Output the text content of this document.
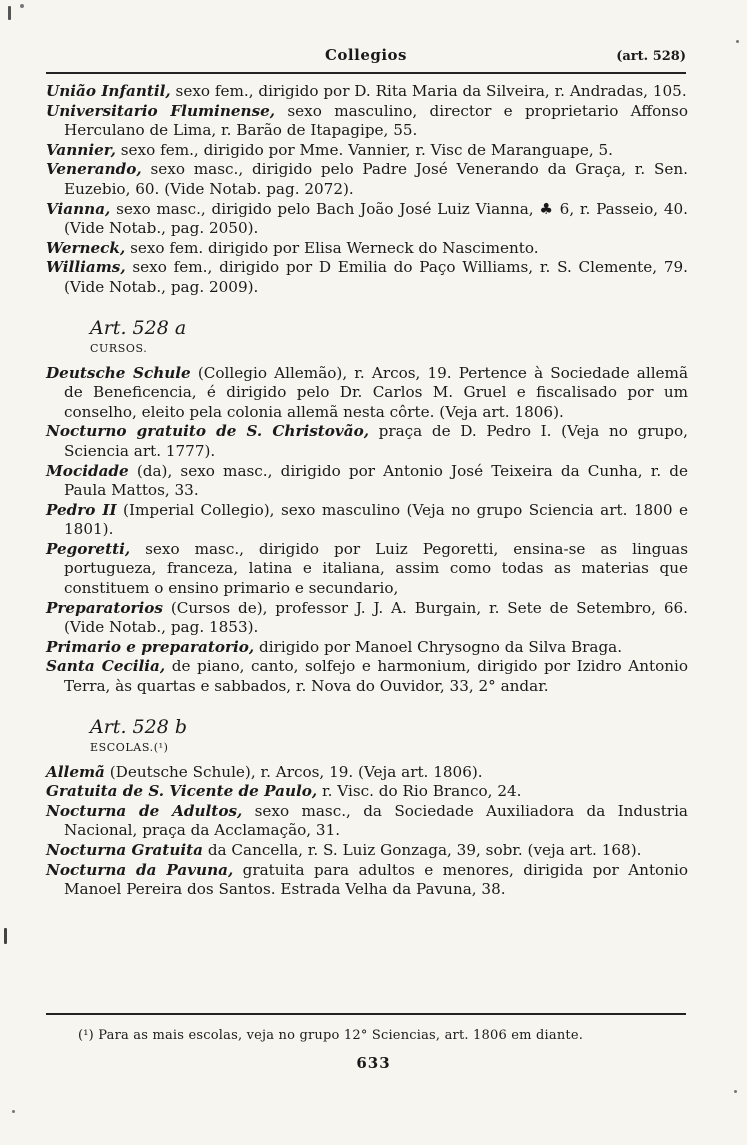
Collegios	(art. 528)

União Infantil, sexo fem., dirigido por D. Rita Maria da Silveira, r. Andradas, 105.

Universitario Fluminense, sexo masculino, director e proprietario Affonso Herculano de Lima, r. Barão de Itapagipe, 55.

Vannier, sexo fem., dirigido por Mme. Vannier, r. Visc de Maranguape, 5.

Venerando, sexo masc., dirigido pelo Padre José Venerando da Graça, r. Sen. Euzebio, 60. (Vide Notab. pag. 2072).

Vianna, sexo masc., dirigido pelo Bach João José Luiz Vianna, ♣ 6, r. Passeio, 40. (Vide Notab., pag. 2050).

Werneck, sexo fem. dirigido por Elisa Werneck do Nascimento.

Williams, sexo fem., dirigido por D Emilia do Paço Williams, r. S. Clemente, 79. (Vide Notab., pag. 2009).

Art. 528 a
CURSOS.

Deutsche Schule (Collegio Allemão), r. Arcos, 19. Pertence à Sociedade allemã de Beneficencia, é dirigido pelo Dr. Carlos M. Gruel e fiscalisado por um conselho, eleito pela colonia allemã nesta côrte. (Veja art. 1806).

Nocturno gratuito de S. Christovão, praça de D. Pedro I. (Veja no grupo, Sciencia art. 1777).

Mocidade (da), sexo masc., dirigido por Antonio José Teixeira da Cunha, r. de Paula Mattos, 33.

Pedro II (Imperial Collegio), sexo masculino (Veja no grupo Sciencia art. 1800 e 1801).

Pegoretti, sexo masc., dirigido por Luiz Pegoretti, ensina-se as linguas portugueza, franceza, latina e italiana, assim como todas as materias que constituem o ensino primario e secundario,

Preparatorios (Cursos de), professor J. J. A. Burgain, r. Sete de Setembro, 66. (Vide Notab., pag. 1853).

Primario e preparatorio, dirigido por Manoel Chrysogno da Silva Braga.

Santa Cecilia, de piano, canto, solfejo e harmonium, dirigido por Izidro Antonio Terra, às quartas e sabbados, r. Nova do Ouvidor, 33, 2° andar.

Art. 528 b
ESCOLAS.(¹)

Allemã (Deutsche Schule), r. Arcos, 19. (Veja art. 1806).

Gratuita de S. Vicente de Paulo, r. Visc. do Rio Branco, 24.

Nocturna de Adultos, sexo masc., da Sociedade Auxiliadora da Industria Nacional, praça da Acclamação, 31.

Nocturna Gratuita da Cancella, r. S. Luiz Gonzaga, 39, sobr. (veja art. 168).

Nocturna da Pavuna, gratuita para adultos e menores, dirigida por Antonio Manoel Pereira dos Santos. Estrada Velha da Pavuna, 38.

(¹) Para as mais escolas, veja no grupo 12° Sciencias, art. 1806 em diante.
633
